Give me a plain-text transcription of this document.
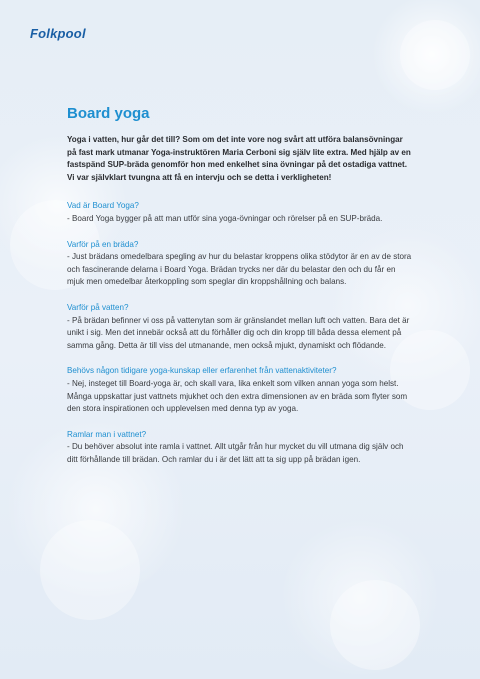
Folkpool
Board yoga

Yoga i vatten, hur går det till? Som om det inte vore nog svårt att utföra balansövningar på fast mark utmanar Yoga-instruktören Maria Cerboni sig själv lite extra. Med hjälp av en fastspänd SUP-bräda genomför hon med enkelhet sina övningar på det ostadiga vattnet. Vi var självklart tvungna att få en intervju och se detta i verkligheten!

Vad är Board Yoga?
- Board Yoga bygger på att man utför sina yoga-övningar och rörelser på en SUP-bräda.
Varför på en bräda?
- Just brädans omedelbara spegling av hur du belastar kroppens olika stödytor är en av de stora och fascinerande delarna i Board Yoga. Brädan trycks ner där du belastar den och du får en mjuk men omedelbar återkoppling som speglar din kroppshållning och balans.
Varför på vatten?
- På brädan befinner vi oss på vattenytan som är gränslandet mellan luft och vatten. Bara det är unikt i sig. Men det innebär också att du förhåller dig och din kropp till båda dessa element på samma gång. Detta är till viss del utmanande, men också mjukt, dynamiskt och flödande.
Behövs någon tidigare yoga-kunskap eller erfarenhet från vattenaktiviteter?
- Nej, insteget till Board-yoga är, och skall vara, lika enkelt som vilken annan yoga som helst. Många uppskattar just vattnets mjukhet och den extra dimensionen av en bräda som flyter som den stora inspirationen och upplevelsen med denna typ av yoga.
Ramlar man i vattnet?
- Du behöver absolut inte ramla i vattnet. Allt utgår från hur mycket du vill utmana dig själv och ditt förhållande till brädan. Och ramlar du i är det lätt att ta sig upp på brädan igen.
